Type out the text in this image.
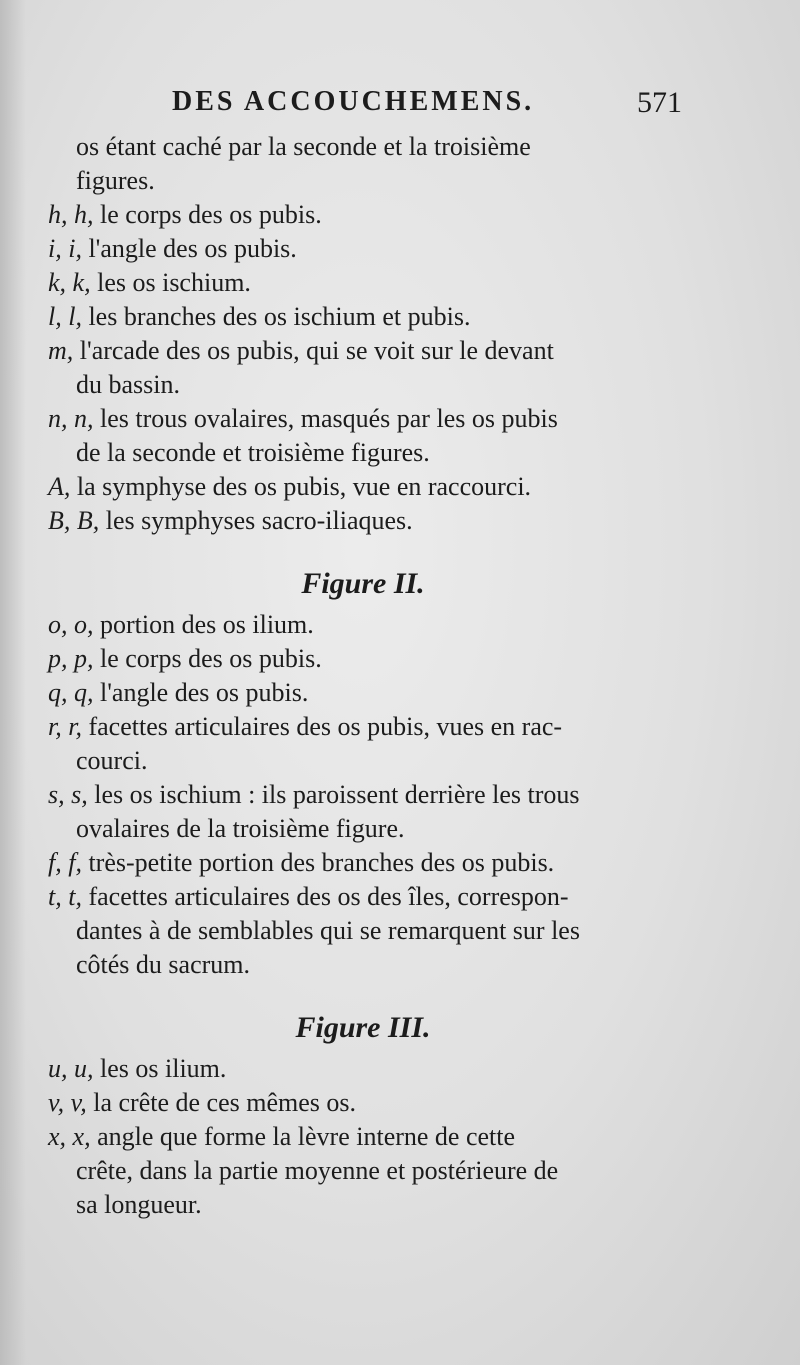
DES ACCOUCHEMENS.	571
os étant caché par la seconde et la troisième
figures.
h, h, le corps des os pubis.
i, i, l'angle des os pubis.
k, k, les os ischium.
l, l, les branches des os ischium et pubis.
m, l'arcade des os pubis, qui se voit sur le devant
du bassin.
n, n, les trous ovalaires, masqués par les os pubis
de la seconde et troisième figures.
A, la symphyse des os pubis, vue en raccourci.
B, B, les symphyses sacro-iliaques.
Figure II.
o, o, portion des os ilium.
p, p, le corps des os pubis.
q, q, l'angle des os pubis.
r, r, facettes articulaires des os pubis, vues en rac-
courci.
s, s, les os ischium : ils paroissent derrière les trous
ovalaires de la troisième figure.
f, f, très-petite portion des branches des os pubis.
t, t, facettes articulaires des os des îles, correspon-
dantes à de semblables qui se remarquent sur les
côtés du sacrum.
Figure III.
u, u, les os ilium.
v, v, la crête de ces mêmes os.
x, x, angle que forme la lèvre interne de cette
crête, dans la partie moyenne et postérieure de
sa longueur.
